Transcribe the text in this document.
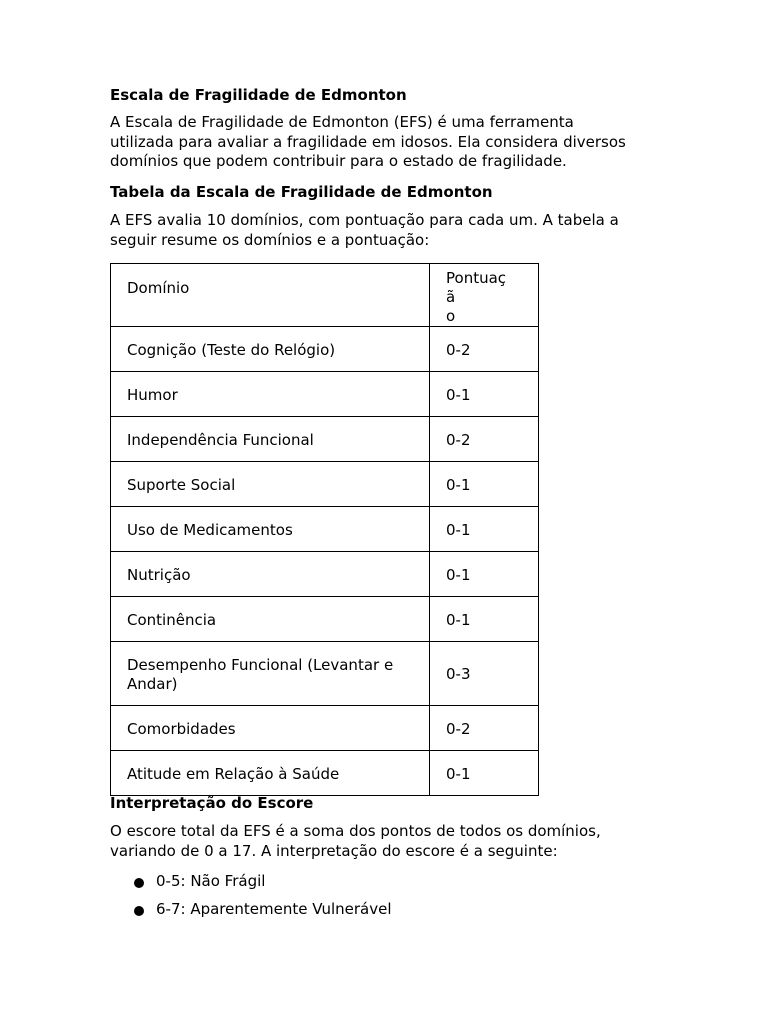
Escala de Fragilidade de Edmonton
A Escala de Fragilidade de Edmonton (EFS) é uma ferramenta
utilizada para avaliar a fragilidade em idosos. Ela considera diversos
domínios que podem contribuir para o estado de fragilidade.
Tabela da Escala de Fragilidade de Edmonton
A EFS avalia 10 domínios, com pontuação para cada um. A tabela a
seguir resume os domínios e a pontuação:
Domínio	Pontuaç
ã
o

Cognição (Teste do Relógio)	0-2

Humor	0-1

Independência Funcional	0-2

Suporte Social	0-1

Uso de Medicamentos	0-1

Nutrição	0-1

Continência	0-1

Desempenho Funcional (Levantar e Andar)	0-3

Comorbidades	0-2

Atitude em Relação à Saúde	0-1
Interpretação do Escore
O escore total da EFS é a soma dos pontos de todos os domínios,
variando de 0 a 17. A interpretação do escore é a seguinte:
0-5: Não Frágil
6-7: Aparentemente Vulnerável
